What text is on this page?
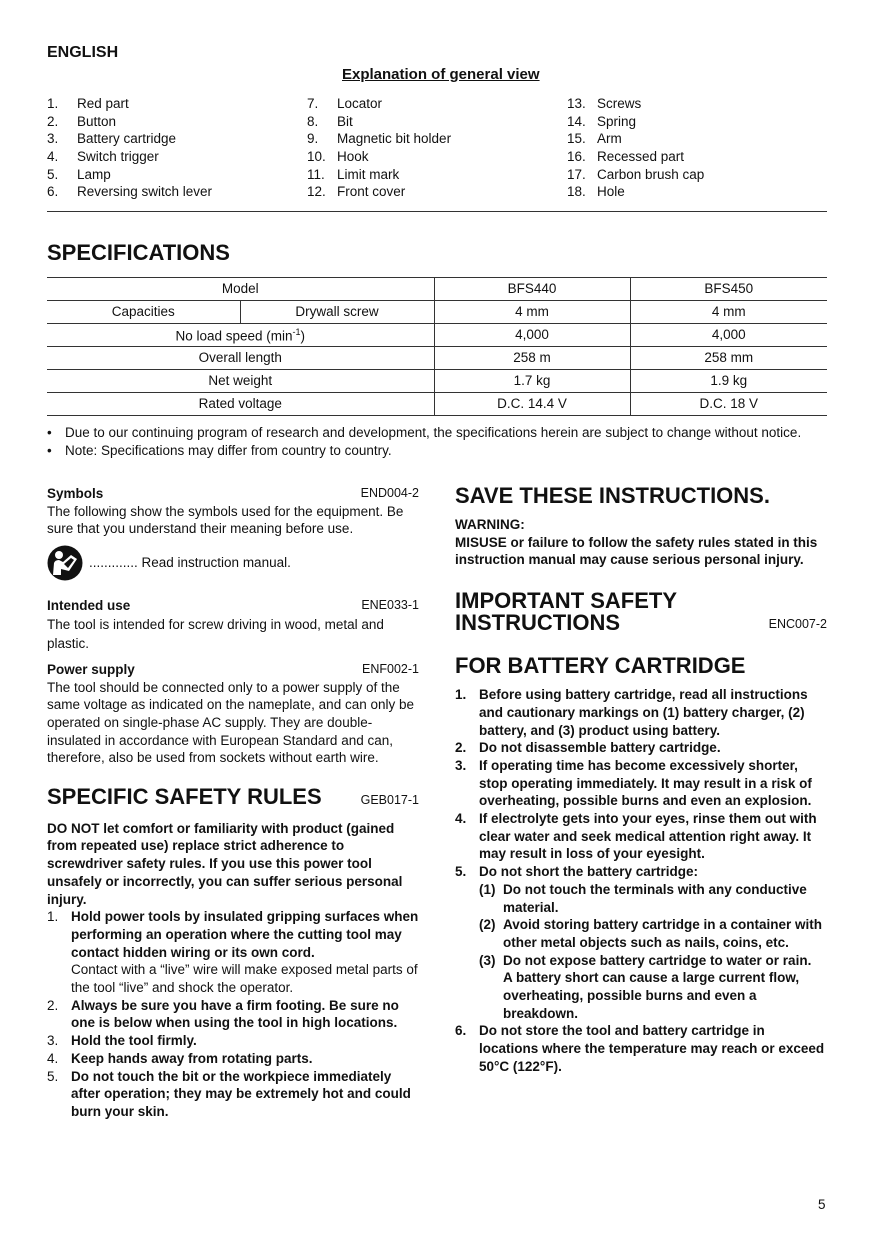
ENGLISH
Explanation of general view
1.	Red part
2.	Button
3.	Battery cartridge
4.	Switch trigger
5.	Lamp
6.	Reversing switch lever
7.	Locator
8.	Bit
9.	Magnetic bit holder
10. Hook
11. Limit mark
12. Front cover
13. Screws
14. Spring
15. Arm
16. Recessed part
17. Carbon brush cap
18. Hole
SPECIFICATIONS
Model		BFS440	BFS450
Capacities	Drywall screw	4 mm	4 mm
No load speed $(\min^{-1})$		4,000	4,000
Overall length		258 m	258 mm
Net weight		1.7 kg	1.9 kg
Rated voltage		D.C. 14.4 V	D.C. 18 V
• Due to our continuing program of research and development, the specifications herein are subject to change without notice.
• Note: Specifications may differ from country to country.
Symbols	END004-2
The following show the symbols used for the equipment. Be sure that you understand their meaning before use.
............. Read instruction manual.
Intended use	ENE033-1
The tool is intended for screw driving in wood, metal and plastic.
Power supply	ENF002-1
The tool should be connected only to a power supply of the same voltage as indicated on the nameplate, and can only be operated on single-phase AC supply. They are double-insulated in accordance with European Standard and can, therefore, also be used from sockets without earth wire.
SPECIFIC SAFETY RULES	GEB017-1
DO NOT let comfort or familiarity with product (gained from repeated use) replace strict adherence to screwdriver safety rules. If you use this power tool unsafely or incorrectly, you can suffer serious personal injury.
1. Hold power tools by insulated gripping surfaces when performing an operation where the cutting tool may contact hidden wiring or its own cord.
Contact with a “live” wire will make exposed metal parts of the tool “live” and shock the operator.
2. Always be sure you have a firm footing. Be sure no one is below when using the tool in high locations.
3. Hold the tool firmly.
4. Keep hands away from rotating parts.
5. Do not touch the bit or the workpiece immediately after operation; they may be extremely hot and could burn your skin.
SAVE THESE INSTRUCTIONS.
WARNING:
MISUSE or failure to follow the safety rules stated in this instruction manual may cause serious personal injury.
IMPORTANT SAFETY
INSTRUCTIONS	ENC007-2
FOR BATTERY CARTRIDGE
1. Before using battery cartridge, read all instructions and cautionary markings on (1) battery charger, (2) battery, and (3) product using battery.
2. Do not disassemble battery cartridge.
3. If operating time has become excessively shorter, stop operating immediately. It may result in a risk of overheating, possible burns and even an explosion.
4. If electrolyte gets into your eyes, rinse them out with clear water and seek medical attention right away. It may result in loss of your eyesight.
5. Do not short the battery cartridge:
(1) Do not touch the terminals with any conductive material.
(2) Avoid storing battery cartridge in a container with other metal objects such as nails, coins, etc.
(3) Do not expose battery cartridge to water or rain.
A battery short can cause a large current flow, overheating, possible burns and even a breakdown.
6. Do not store the tool and battery cartridge in locations where the temperature may reach or exceed 50°C (122°F).
5
